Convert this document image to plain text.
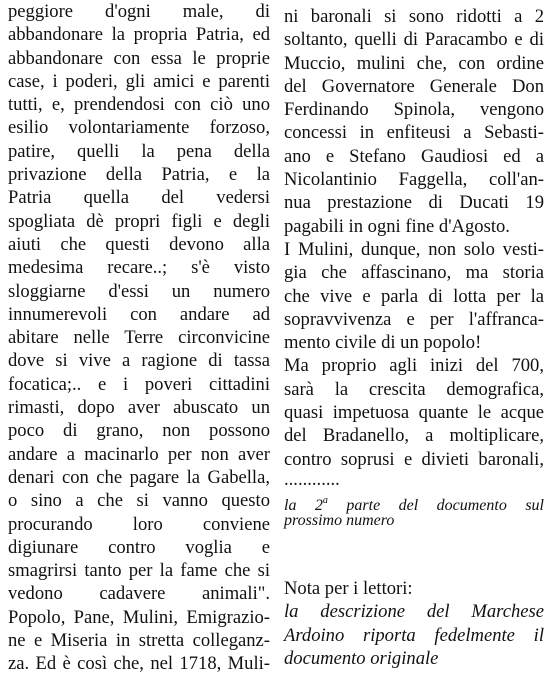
peggiore d'ogni male, di
abbandonare la propria Patria, ed
abbandonare con essa le proprie
case, i poderi, gli amici e parenti
tutti, e, prendendosi con ciò uno
esilio volontariamente forzoso,
patire, quelli la pena della
privazione della Patria, e la
Patria quella del vedersi
spogliata dè propri figli e degli
aiuti che questi devono alla
medesima recare..; s'è visto
sloggiarne d'essi un numero
innumerevoli con andare ad
abitare nelle Terre circonvicine
dove si vive a ragione di tassa
focatica;.. e i poveri cittadini
rimasti, dopo aver abuscato un
poco di grano, non possono
andare a macinarlo per non aver
denari con che pagare la Gabella,
o sino a che si vanno questo
procurando loro conviene
digiunare contro voglia e
smagrirsi tanto per la fame che si
vedono cadavere animali".
Popolo, Pane, Mulini, Emigrazio-
ne e Miseria in stretta colleganz-
za. Ed è così che, nel 1718, Muli-
ni baronali si sono ridotti a 2
soltanto, quelli di Paracambo e di
Muccio, mulini che, con ordine
del Governatore Generale Don
Ferdinando Spinola, vengono
concessi in enfiteusi a Sebasti-
ano e Stefano Gaudiosi ed a
Nicolantinio Faggella, coll'an-
nua prestazione di Ducati 19
pagabili in ogni fine d'Agosto.
I Mulini, dunque, non solo vesti-
gia che affascinano, ma storia
che vive e parla di lotta per la
sopravvivenza e per l'affranca-
mento civile di un popolo!
Ma proprio agli inizi del 700,
sarà la crescita demografica,
quasi impetuosa quante le acque
del Bradanello, a moltiplicare,
contro soprusi e divieti baronali,
............
la 2$^a$ parte del documento sul
prossimo numero
Nota per i lettori:
la descrizione del Marchese
Ardoino riporta fedelmente il
documento originale
